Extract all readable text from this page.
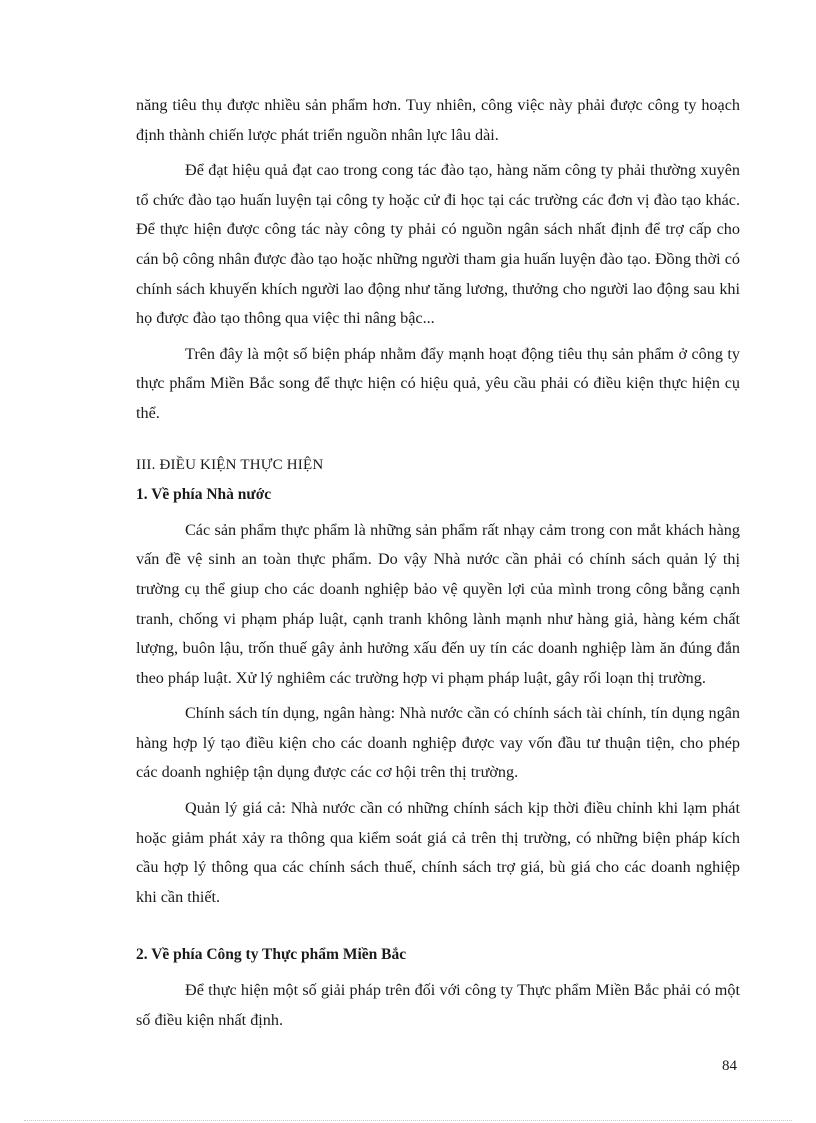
năng tiêu thụ được nhiều sản phẩm hơn. Tuy nhiên, công việc này phải được công ty hoạch định thành chiến lược phát triển nguồn nhân lực lâu dài.

Để đạt hiệu quả đạt cao trong cong tác đào tạo, hàng năm công ty phải thường xuyên tổ chức đào tạo huấn luyện tại công ty hoặc cử đi học tại các trường các đơn vị đào tạo khác. Để thực hiện được công tác này công ty phải có nguồn ngân sách nhất định để trợ cấp cho cán bộ công nhân được đào tạo hoặc những người tham gia huấn luyện đào tạo. Đồng thời có chính sách khuyến khích người lao động như tăng lương, thưởng cho người lao động sau khi họ được đào tạo thông qua việc thi nâng bậc...

Trên đây là một số biện pháp nhằm đẩy mạnh hoạt động tiêu thụ sản phẩm ở công ty thực phẩm Miền Bắc song để thực hiện có hiệu quả, yêu cầu phải có điều kiện thực hiện cụ thể.

III. ĐIỀU KIỆN THỰC HIỆN

1. Về phía Nhà nước

Các sản phẩm thực phẩm là những sản phẩm rất nhạy cảm trong con mắt khách hàng vấn đề vệ sinh an toàn thực phẩm. Do vậy Nhà nước cần phải có chính sách quản lý thị trường cụ thể giup cho các doanh nghiệp bảo vệ quyền lợi của mình trong công bằng cạnh tranh, chống vi phạm pháp luật, cạnh tranh không lành mạnh như hàng giả, hàng kém chất lượng, buôn lậu, trốn thuế gây ảnh hưởng xấu đến uy tín các doanh nghiệp làm ăn đúng đắn theo pháp luật. Xử lý nghiêm các trường hợp vi phạm pháp luật, gây rối loạn thị trường.

Chính sách tín dụng, ngân hàng: Nhà nước cần có chính sách tài chính, tín dụng ngân hàng hợp lý tạo điều kiện cho các doanh nghiệp được vay vốn đầu tư thuận tiện, cho phép các doanh nghiệp tận dụng được các cơ hội trên thị trường.

Quản lý giá cả: Nhà nước cần có những chính sách kịp thời điều chỉnh khi lạm phát hoặc giảm phát xảy ra thông qua kiểm soát giá cả trên thị trường, có những biện pháp kích cầu hợp lý thông qua các chính sách thuế, chính sách trợ giá, bù giá cho các doanh nghiệp khi cần thiết.

2. Về phía Công ty Thực phẩm Miền Bắc

Để thực hiện một số giải pháp trên đối với công ty Thực phẩm Miền Bắc phải có một số điều kiện nhất định.

84
